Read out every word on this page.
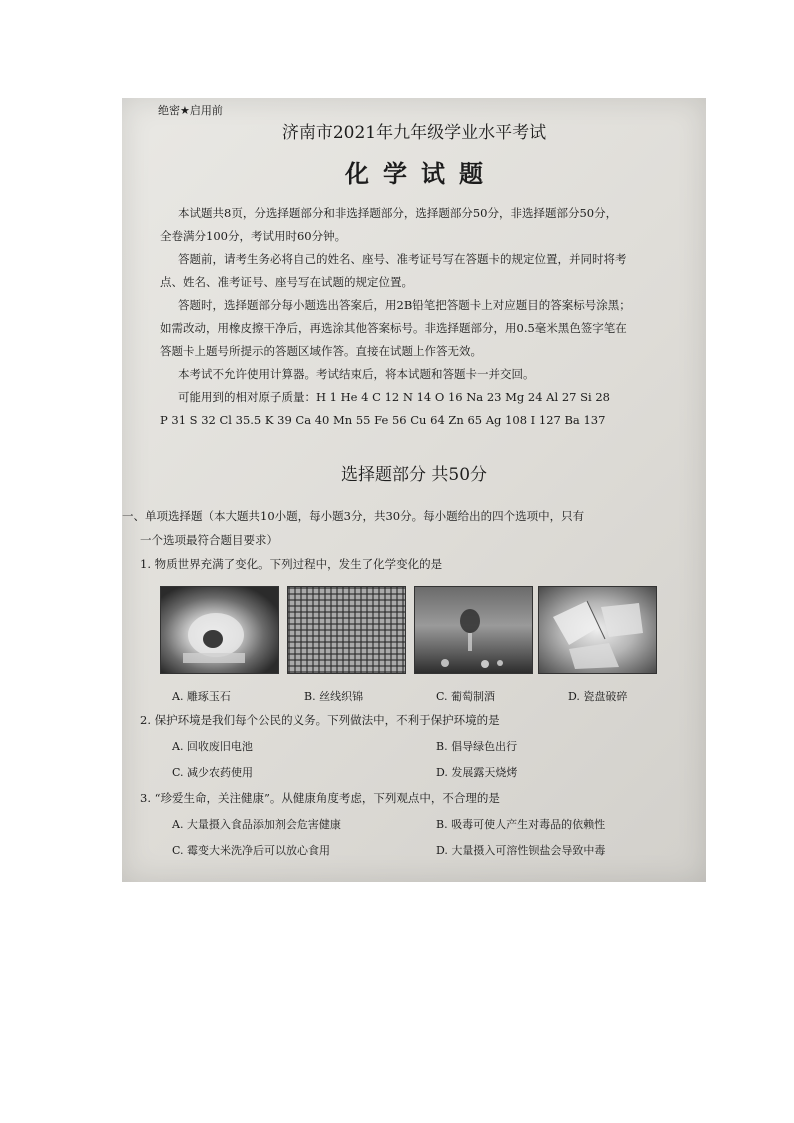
绝密★启用前
济南市2021年九年级学业水平考试
化学试题
本试题共8页，分选择题部分和非选择题部分，选择题部分50分，非选择题部分50分，
全卷满分100分，考试用时60分钟。
答题前，请考生务必将自己的姓名、座号、准考证号写在答题卡的规定位置，并同时将考
点、姓名、准考证号、座号写在试题的规定位置。
答题时，选择题部分每小题选出答案后，用2B铅笔把答题卡上对应题目的答案标号涂黑；
如需改动，用橡皮擦干净后，再选涂其他答案标号。非选择题部分，用0.5毫米黑色签字笔在
答题卡上题号所提示的答题区域作答。直接在试题上作答无效。
本考试不允许使用计算器。考试结束后，将本试题和答题卡一并交回。
可能用到的相对原子质量：H 1 He 4 C 12 N 14 O 16 Na 23 Mg 24 Al 27 Si 28
P 31 S 32 Cl 35.5 K 39 Ca 40 Mn 55 Fe 56 Cu 64 Zn 65 Ag 108 I 127 Ba 137
选择题部分 共50分
一、单项选择题（本大题共10小题，每小题3分，共30分。每小题给出的四个选项中，只有
一个选项最符合题目要求）
1. 物质世界充满了变化。下列过程中，发生了化学变化的是
A. 雕琢玉石	B. 丝线织锦	C. 葡萄制酒	D. 瓷盘破碎
2. 保护环境是我们每个公民的义务。下列做法中，不利于保护环境的是
A. 回收废旧电池	B. 倡导绿色出行
C. 减少农药使用	D. 发展露天烧烤
3. “珍爱生命，关注健康”。从健康角度考虑，下列观点中，不合理的是
A. 大量摄入食品添加剂会危害健康	B. 吸毒可使人产生对毒品的依赖性
C. 霉变大米洗净后可以放心食用	D. 大量摄入可溶性钡盐会导致中毒
